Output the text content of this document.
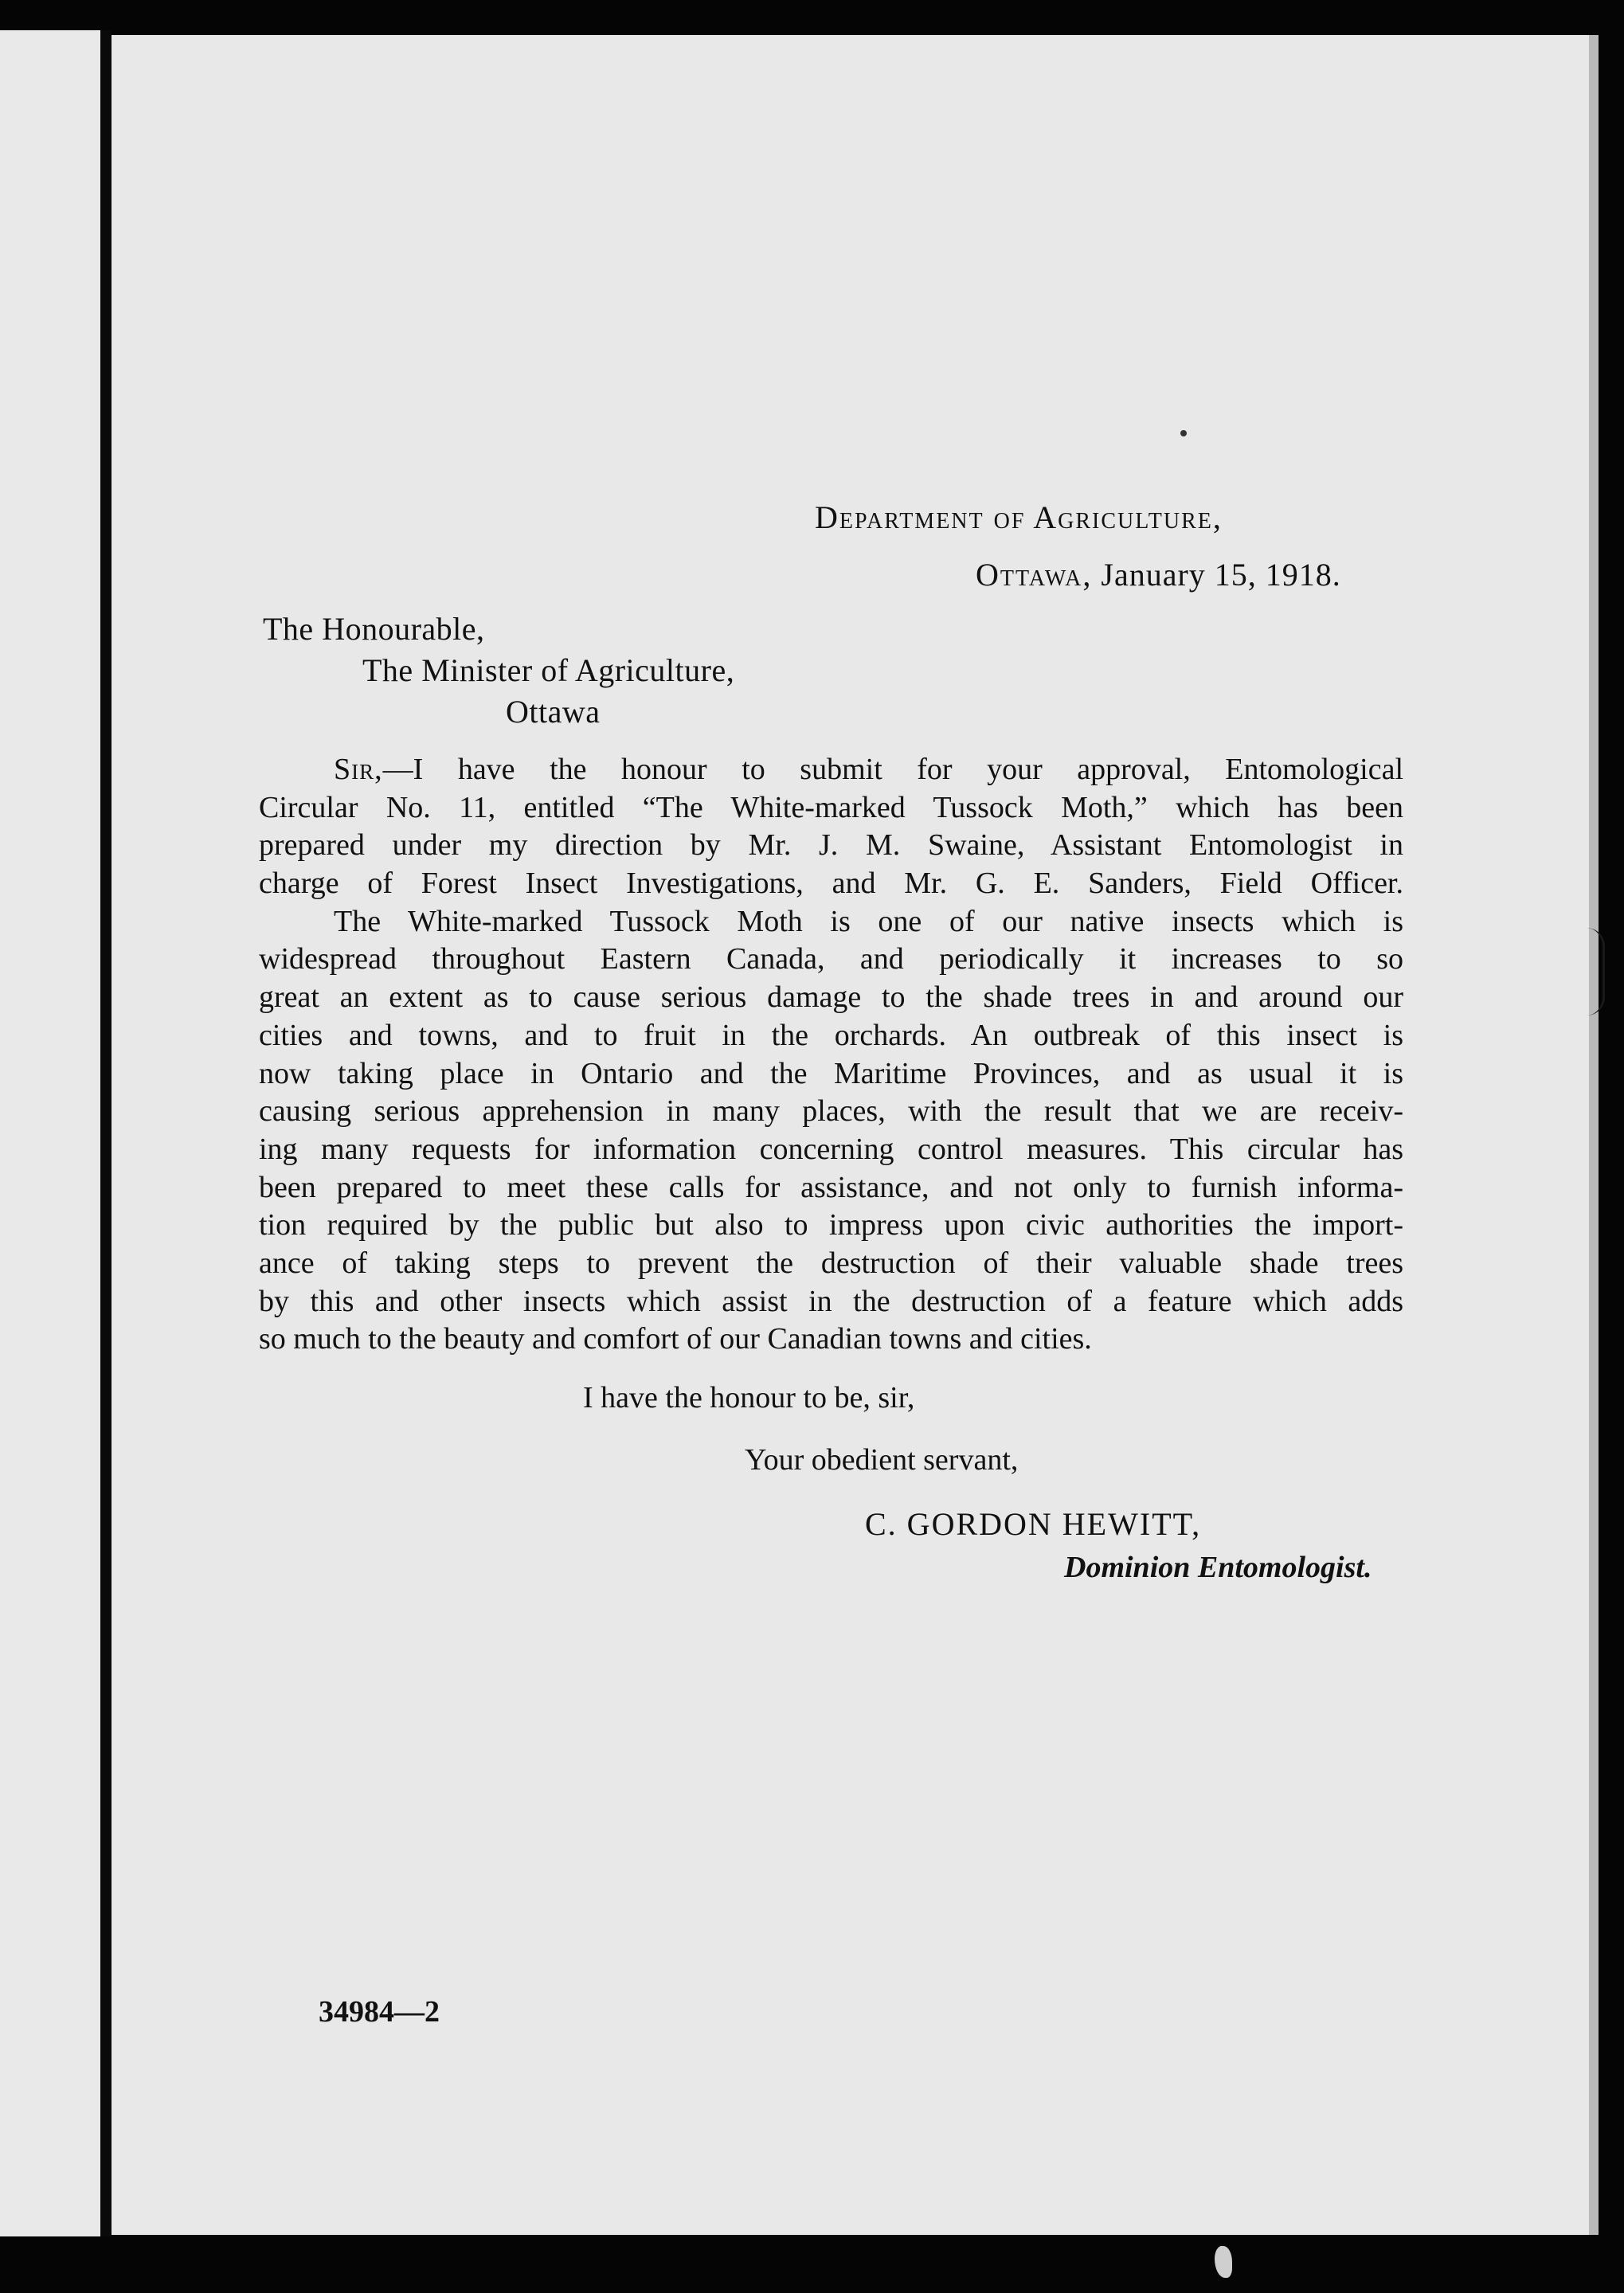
Department of Agriculture,
Ottawa, January 15, 1918.
The Honourable,
The Minister of Agriculture,
Ottawa
Sir,—I have the honour to submit for your approval, Entomological
Circular No. 11, entitled “The White-marked Tussock Moth,” which has been
prepared under my direction by Mr. J. M. Swaine, Assistant Entomologist in
charge of Forest Insect Investigations, and Mr. G. E. Sanders, Field Officer.
The White-marked Tussock Moth is one of our native insects which is
widespread throughout Eastern Canada, and periodically it increases to so
great an extent as to cause serious damage to the shade trees in and around our
cities and towns, and to fruit in the orchards. An outbreak of this insect is
now taking place in Ontario and the Maritime Provinces, and as usual it is
causing serious apprehension in many places, with the result that we are receiv-
ing many requests for information concerning control measures. This circular has
been prepared to meet these calls for assistance, and not only to furnish informa-
tion required by the public but also to impress upon civic authorities the import-
ance of taking steps to prevent the destruction of their valuable shade trees
by this and other insects which assist in the destruction of a feature which adds
so much to the beauty and comfort of our Canadian towns and cities.
I have the honour to be, sir,
Your obedient servant,
C. GORDON HEWITT,
Dominion Entomologist.
34984—2
